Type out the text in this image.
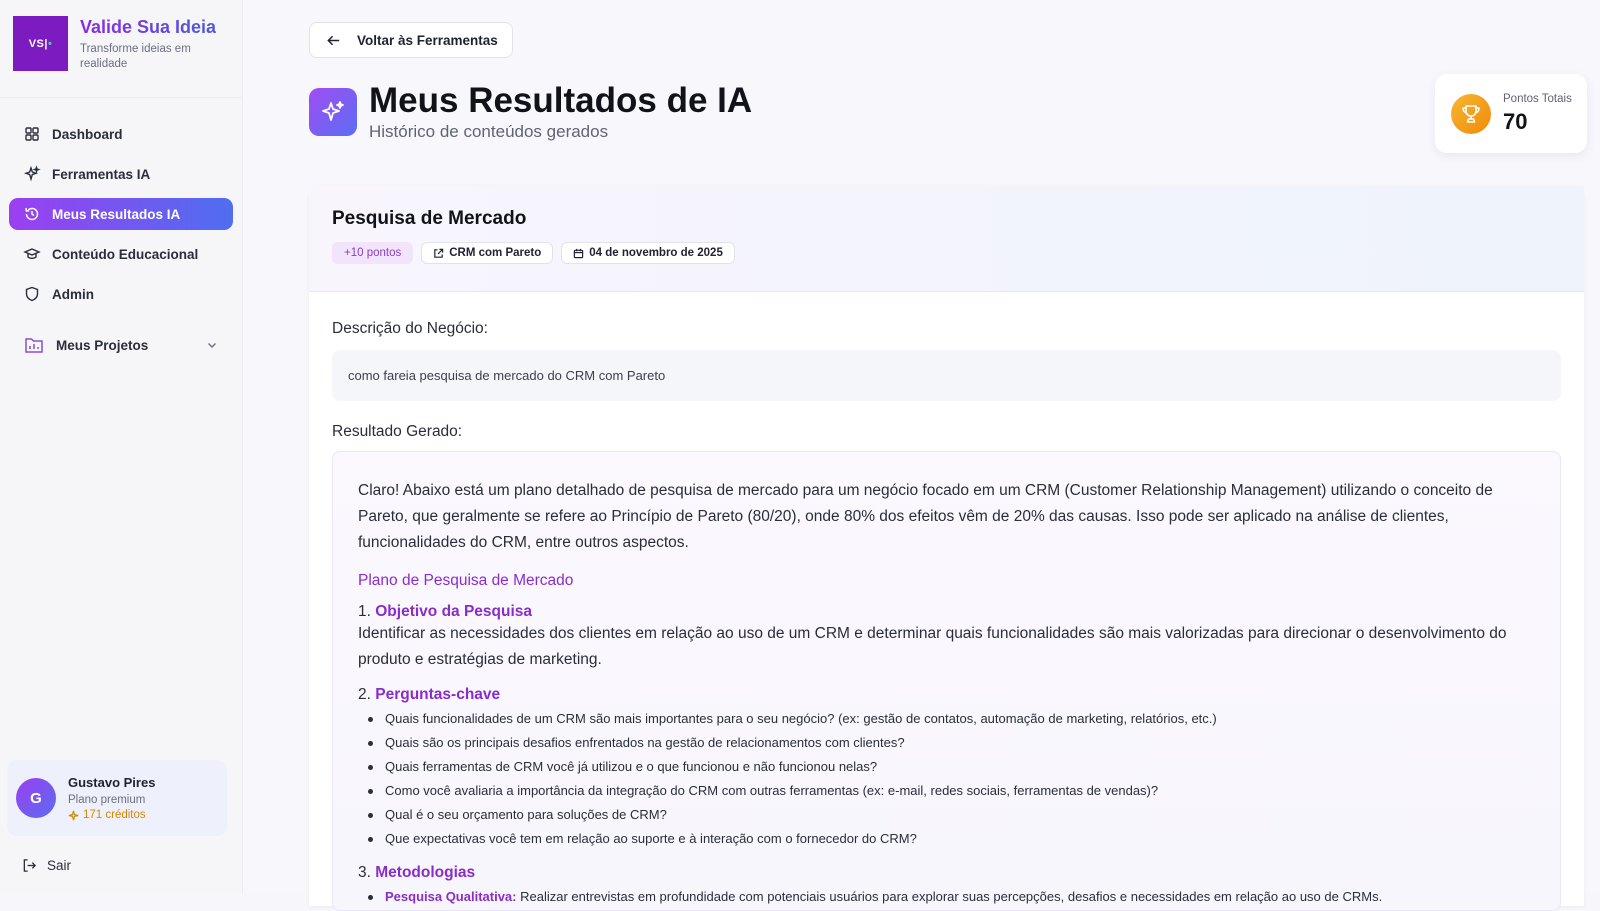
VS| •
Valide Sua Ideia
Transforme ideias em realidade
Dashboard
Ferramentas IA
Meus Resultados IA
Conteúdo Educacional
Admin
Meus Projetos
G
Gustavo Pires
Plano premium
171 créditos
Sair
Voltar às Ferramentas
Meus Resultados de IA
Histórico de conteúdos gerados
Pontos Totais
70
Pesquisa de Mercado
+10 pontos	CRM com Pareto	04 de novembro de 2025
Descrição do Negócio:
como fareia pesquisa de mercado do CRM com Pareto
Resultado Gerado:

Claro! Abaixo está um plano detalhado de pesquisa de mercado para um negócio focado em um CRM (Customer Relationship Management) utilizando o conceito de Pareto, que geralmente se refere ao Princípio de Pareto (80/20), onde 80% dos efeitos vêm de 20% das causas. Isso pode ser aplicado na análise de clientes, funcionalidades do CRM, entre outros aspectos.

Plano de Pesquisa de Mercado
1. Objetivo da Pesquisa

Identificar as necessidades dos clientes em relação ao uso de um CRM e determinar quais funcionalidades são mais valorizadas para direcionar o desenvolvimento do produto e estratégias de marketing.

2. Perguntas-chave
Quais funcionalidades de um CRM são mais importantes para o seu negócio? (ex: gestão de contatos, automação de marketing, relatórios, etc.)
Quais são os principais desafios enfrentados na gestão de relacionamentos com clientes?
Quais ferramentas de CRM você já utilizou e o que funcionou e não funcionou nelas?
Como você avaliaria a importância da integração do CRM com outras ferramentas (ex: e-mail, redes sociais, ferramentas de vendas)?
Qual é o seu orçamento para soluções de CRM?
Que expectativas você tem em relação ao suporte e à interação com o fornecedor do CRM?
3. Metodologias
Pesquisa Qualitativa: Realizar entrevistas em profundidade com potenciais usuários para explorar suas percepções, desafios e necessidades em relação ao uso de CRMs.
